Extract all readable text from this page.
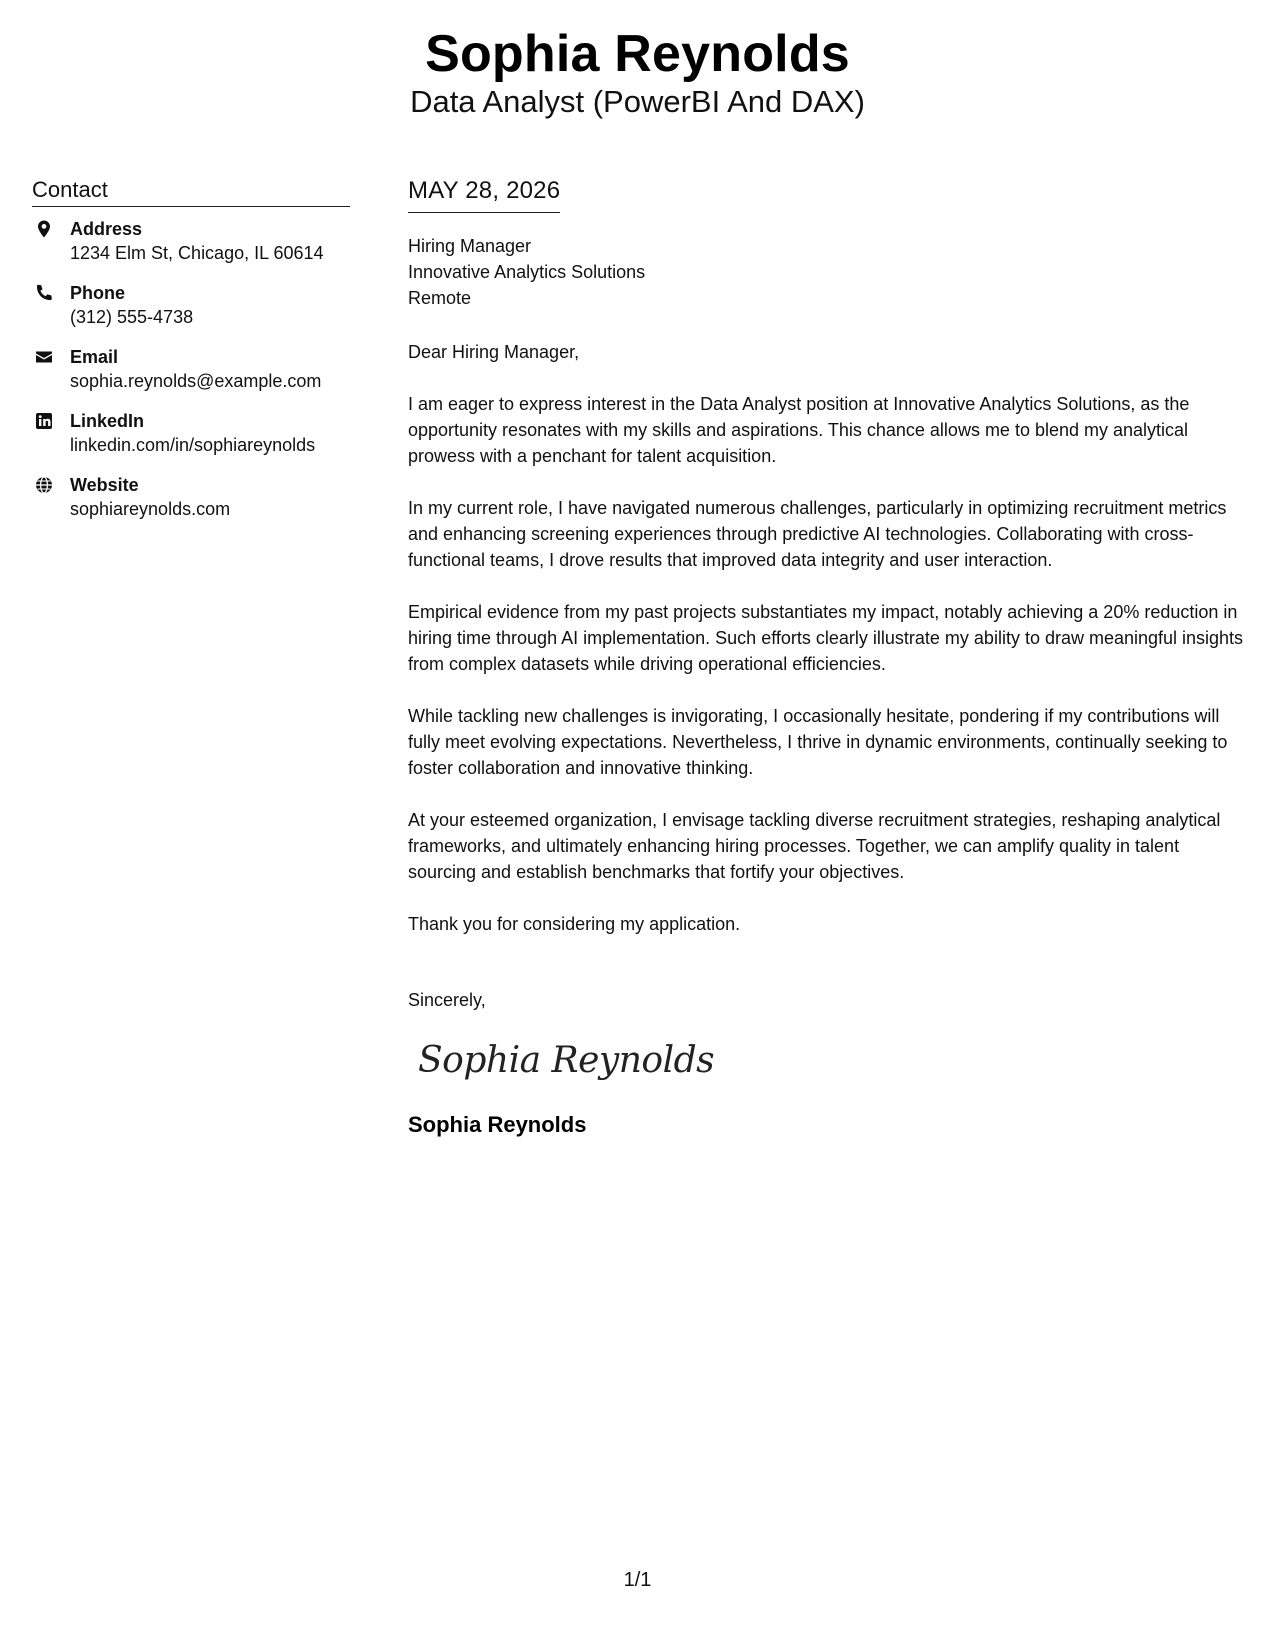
Sophia Reynolds
Data Analyst (PowerBI And DAX)
Contact
Address
1234 Elm St, Chicago, IL 60614
Phone
(312) 555-4738
Email
sophia.reynolds@example.com
LinkedIn
linkedin.com/in/sophiareynolds
Website
sophiareynolds.com
MAY 28, 2026
Hiring Manager
Innovative Analytics Solutions
Remote
Dear Hiring Manager,
I am eager to express interest in the Data Analyst position at Innovative Analytics Solutions, as the opportunity resonates with my skills and aspirations. This chance allows me to blend my analytical prowess with a penchant for talent acquisition.
In my current role, I have navigated numerous challenges, particularly in optimizing recruitment metrics and enhancing screening experiences through predictive AI technologies. Collaborating with cross-functional teams, I drove results that improved data integrity and user interaction.
Empirical evidence from my past projects substantiates my impact, notably achieving a 20% reduction in hiring time through AI implementation. Such efforts clearly illustrate my ability to draw meaningful insights from complex datasets while driving operational efficiencies.
While tackling new challenges is invigorating, I occasionally hesitate, pondering if my contributions will fully meet evolving expectations. Nevertheless, I thrive in dynamic environments, continually seeking to foster collaboration and innovative thinking.
At your esteemed organization, I envisage tackling diverse recruitment strategies, reshaping analytical frameworks, and ultimately enhancing hiring processes. Together, we can amplify quality in talent sourcing and establish benchmarks that fortify your objectives.
Thank you for considering my application.
Sincerely,
Sophia Reynolds
Sophia Reynolds
1/1
